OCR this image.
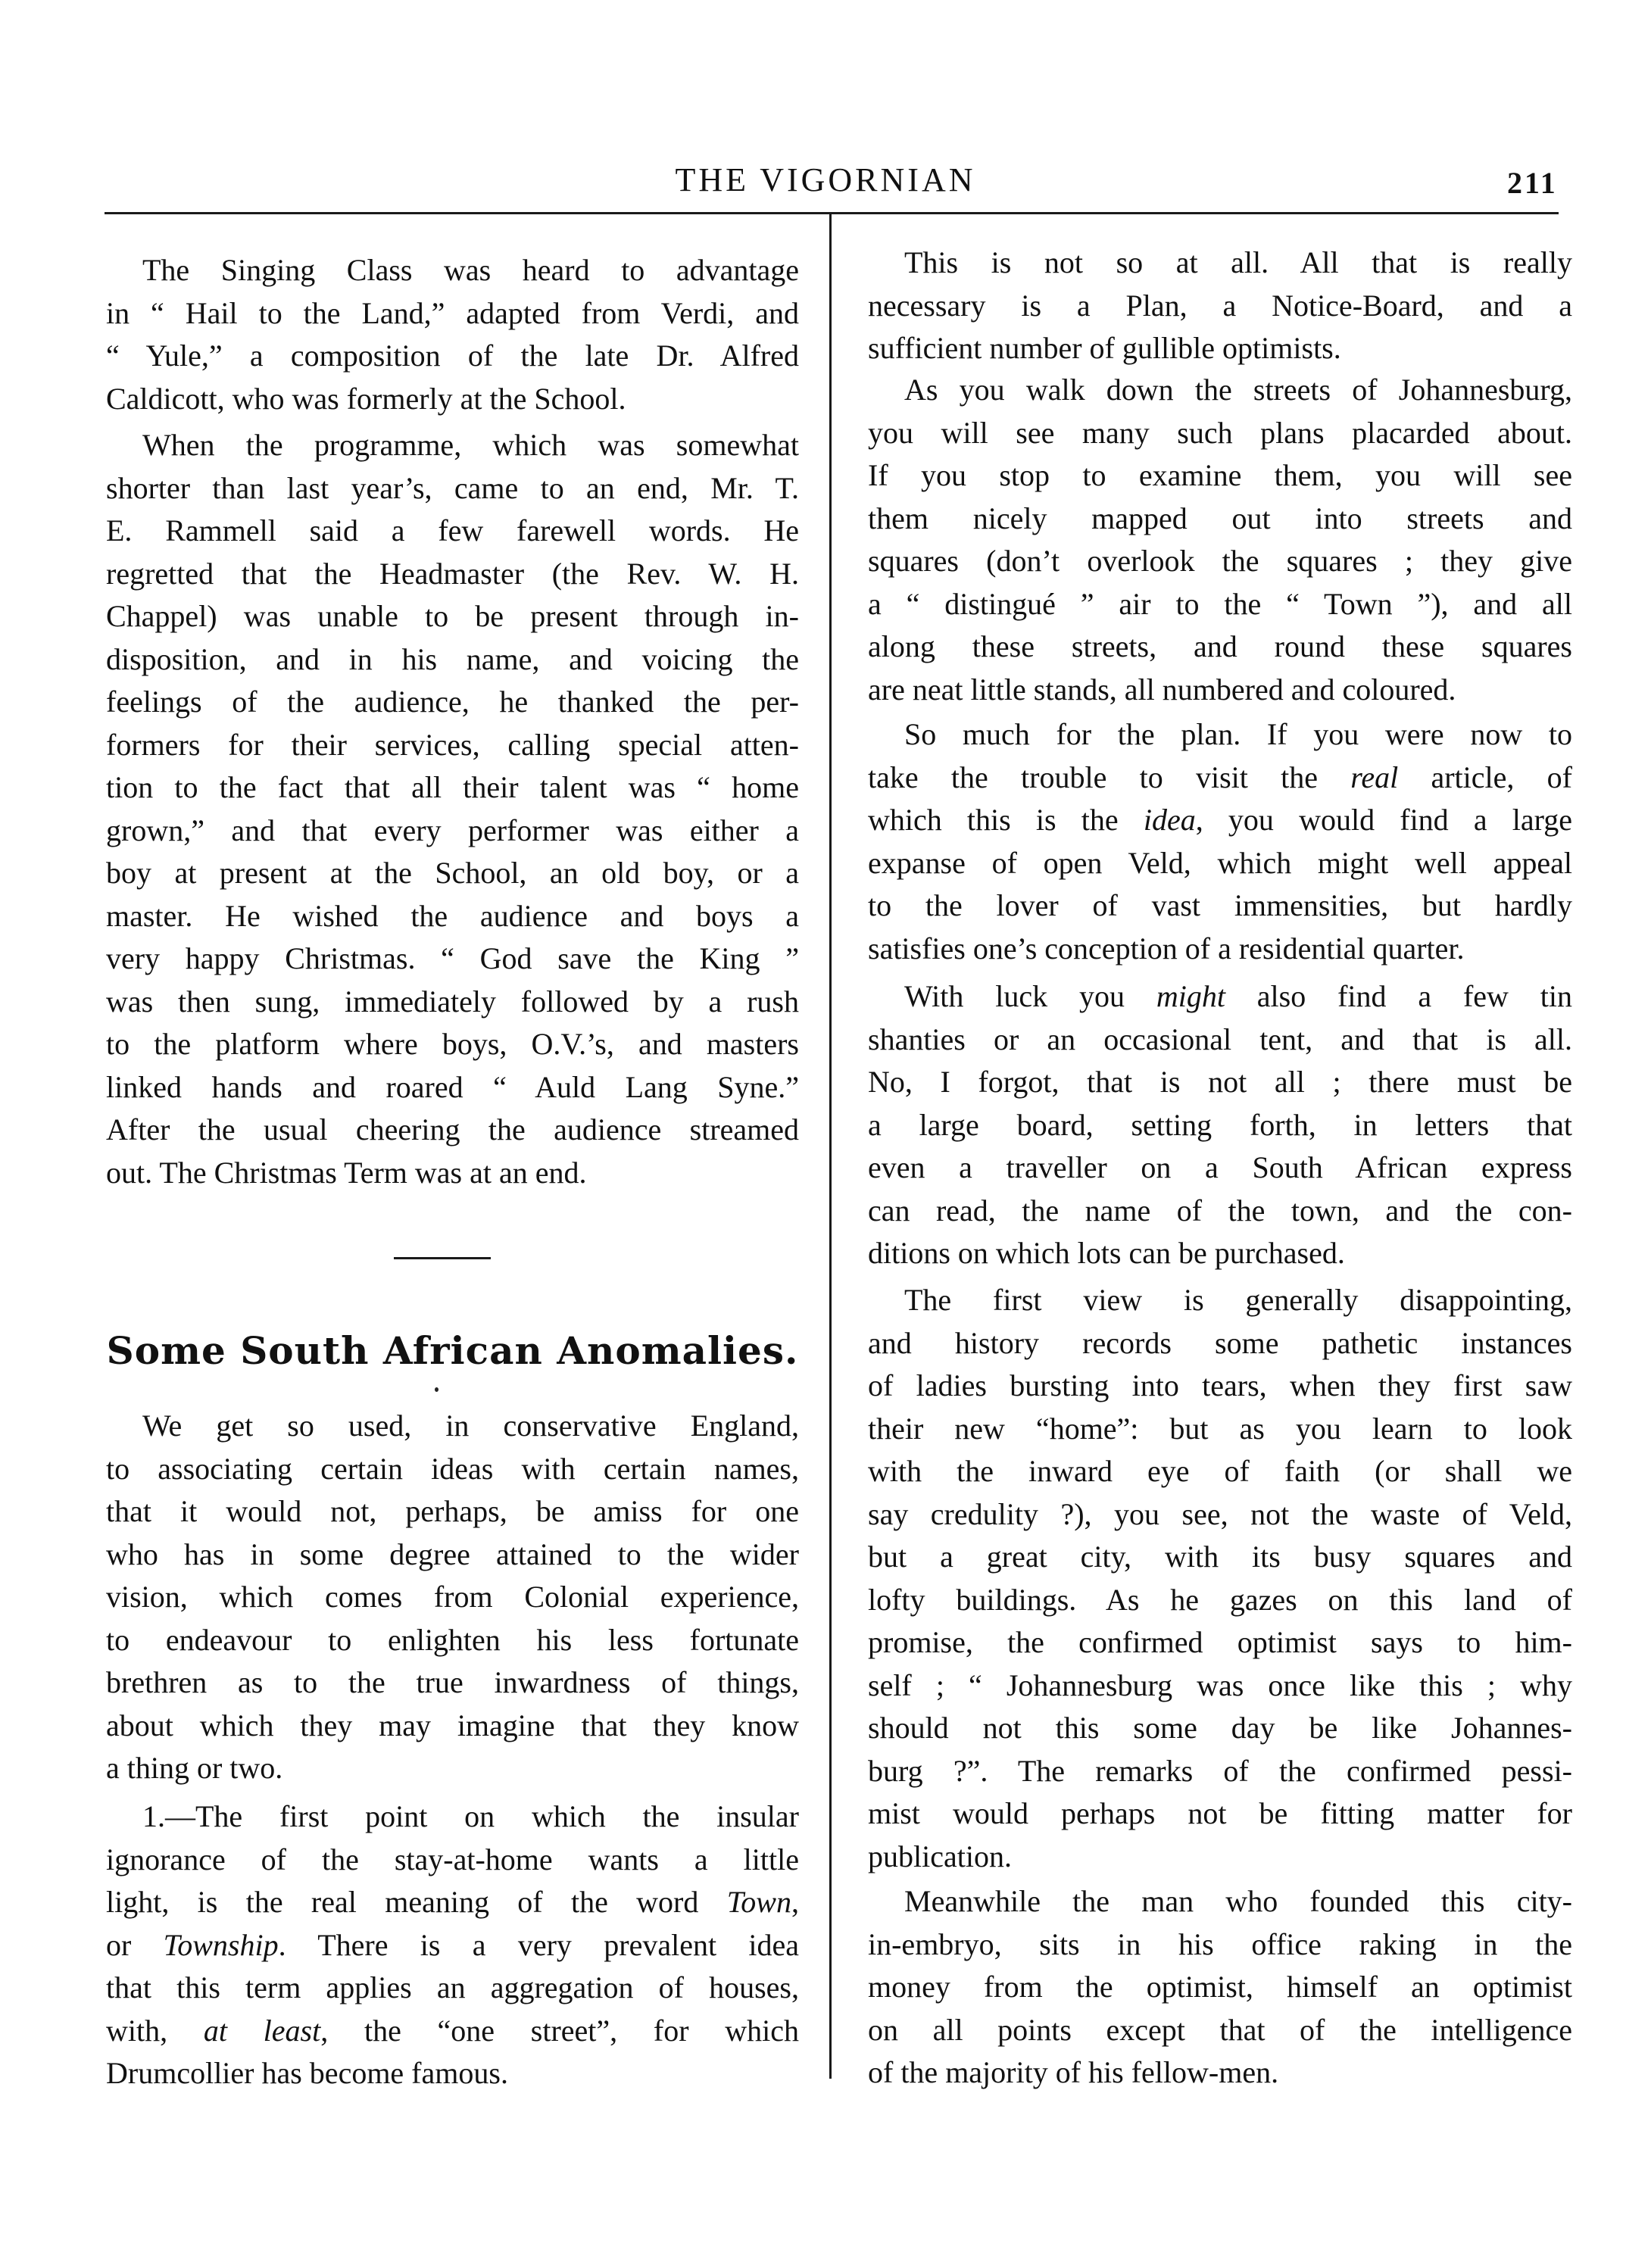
THE VIGORNIAN	211
The Singing Class was heard to advantage
in “ Hail to the Land,” adapted from Verdi, and
“ Yule,” a composition of the late Dr. Alfred
Caldicott, who was formerly at the School.
When the programme, which was somewhat
shorter than last year’s, came to an end, Mr. T.
E. Rammell said a few farewell words. He
regretted that the Headmaster (the Rev. W. H.
Chappel) was unable to be present through in-
disposition, and in his name, and voicing the
feelings of the audience, he thanked the per-
formers for their services, calling special atten-
tion to the fact that all their talent was “ home
grown,” and that every performer was either a
boy at present at the School, an old boy, or a
master. He wished the audience and boys a
very happy Christmas. “ God save the King ”
was then sung, immediately followed by a rush
to the platform where boys, O.V.’s, and masters
linked hands and roared “ Auld Lang Syne.”
After the usual cheering the audience streamed
out. The Christmas Term was at an end.
Some South African Anomalies.
We get so used, in conservative England,
to associating certain ideas with certain names,
that it would not, perhaps, be amiss for one
who has in some degree attained to the wider
vision, which comes from Colonial experience,
to endeavour to enlighten his less fortunate
brethren as to the true inwardness of things,
about which they may imagine that they know
a thing or two.
1.—The first point on which the insular
ignorance of the stay-at-home wants a little
light, is the real meaning of the word Town,
or Township. There is a very prevalent idea
that this term applies an aggregation of houses,
with, at least, the “one street”, for which
Drumcollier has become famous.
This is not so at all. All that is really
necessary is a Plan, a Notice-Board, and a
sufficient number of gullible optimists.
As you walk down the streets of Johannesburg,
you will see many such plans placarded about.
If you stop to examine them, you will see
them nicely mapped out into streets and
squares (don’t overlook the squares ; they give
a “ distingué ” air to the “ Town ”), and all
along these streets, and round these squares
are neat little stands, all numbered and coloured.
So much for the plan. If you were now to
take the trouble to visit the real article, of
which this is the idea, you would find a large
expanse of open Veld, which might well appeal
to the lover of vast immensities, but hardly
satisfies one’s conception of a residential quarter.
With luck you might also find a few tin
shanties or an occasional tent, and that is all.
No, I forgot, that is not all ; there must be
a large board, setting forth, in letters that
even a traveller on a South African express
can read, the name of the town, and the con-
ditions on which lots can be purchased.
The first view is generally disappointing,
and history records some pathetic instances
of ladies bursting into tears, when they first saw
their new “home”: but as you learn to look
with the inward eye of faith (or shall we
say credulity ?), you see, not the waste of Veld,
but a great city, with its busy squares and
lofty buildings. As he gazes on this land of
promise, the confirmed optimist says to him-
self ; “ Johannesburg was once like this ; why
should not this some day be like Johannes-
burg ?”. The remarks of the confirmed pessi-
mist would perhaps not be fitting matter for
publication.
Meanwhile the man who founded this city-
in-embryo, sits in his office raking in the
money from the optimist, himself an optimist
on all points except that of the intelligence
of the majority of his fellow-men.
